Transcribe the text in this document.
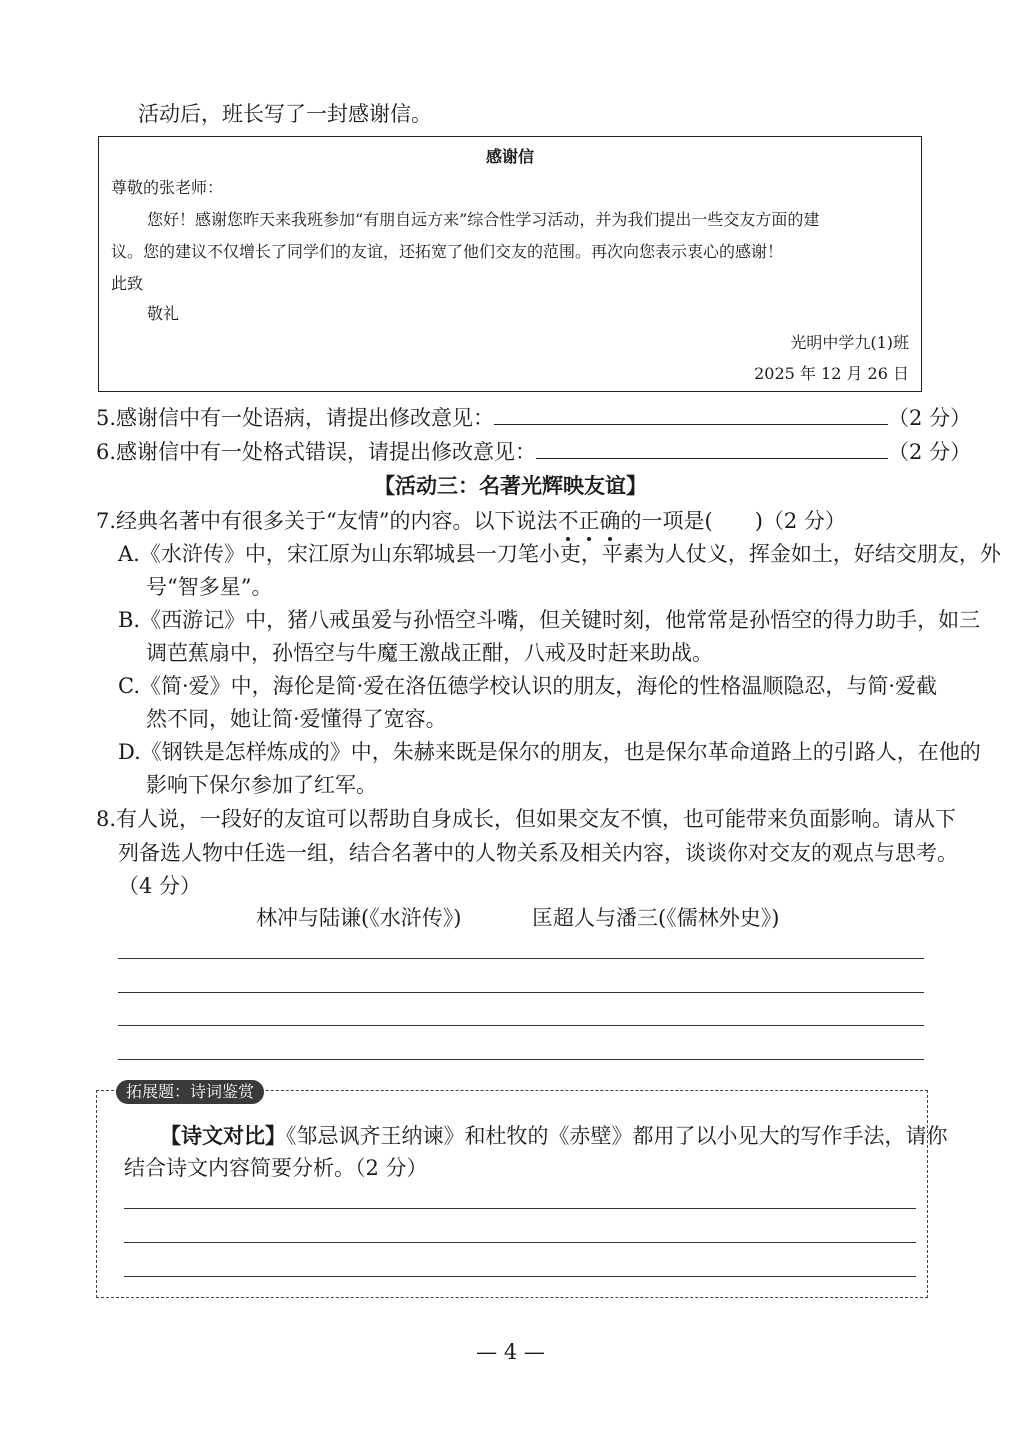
活动后，班长写了一封感谢信。
感谢信
尊敬的张老师：
您好！感谢您昨天来我班参加“有朋自远方来”综合性学习活动，并为我们提出一些交友方面的建
议。您的建议不仅增长了同学们的友谊，还拓宽了他们交友的范围。再次向您表示衷心的感谢！
此致
敬礼
光明中学九(1)班
2025 年 12 月 26 日
5.感谢信中有一处语病，请提出修改意见：	（2 分）
6.感谢信中有一处格式错误，请提出修改意见：	（2 分）
【活动三：名著光辉映友谊】
7.经典名著中有很多关于“友情”的内容。以下说法不正确的一项是(　　)（2 分）
A.《水浒传》中，宋江原为山东郓城县一刀笔小吏，平素为人仗义，挥金如土，好结交朋友，外
号“智多星”。
B.《西游记》中，猪八戒虽爱与孙悟空斗嘴，但关键时刻，他常常是孙悟空的得力助手，如三
调芭蕉扇中，孙悟空与牛魔王激战正酣，八戒及时赶来助战。
C.《简·爱》中，海伦是简·爱在洛伍德学校认识的朋友，海伦的性格温顺隐忍，与简·爱截
然不同，她让简·爱懂得了宽容。
D.《钢铁是怎样炼成的》中，朱赫来既是保尔的朋友，也是保尔革命道路上的引路人，在他的
影响下保尔参加了红军。
8.有人说，一段好的友谊可以帮助自身成长，但如果交友不慎，也可能带来负面影响。请从下
列备选人物中任选一组，结合名著中的人物关系及相关内容，谈谈你对交友的观点与思考。
（4 分）
林冲与陆谦(《水浒传》)	匡超人与潘三(《儒林外史》)
拓展题：诗词鉴赏
【诗文对比】《邹忌讽齐王纳谏》和杜牧的《赤壁》都用了以小见大的写作手法，请你
结合诗文内容简要分析。（2 分）
— 4 —
